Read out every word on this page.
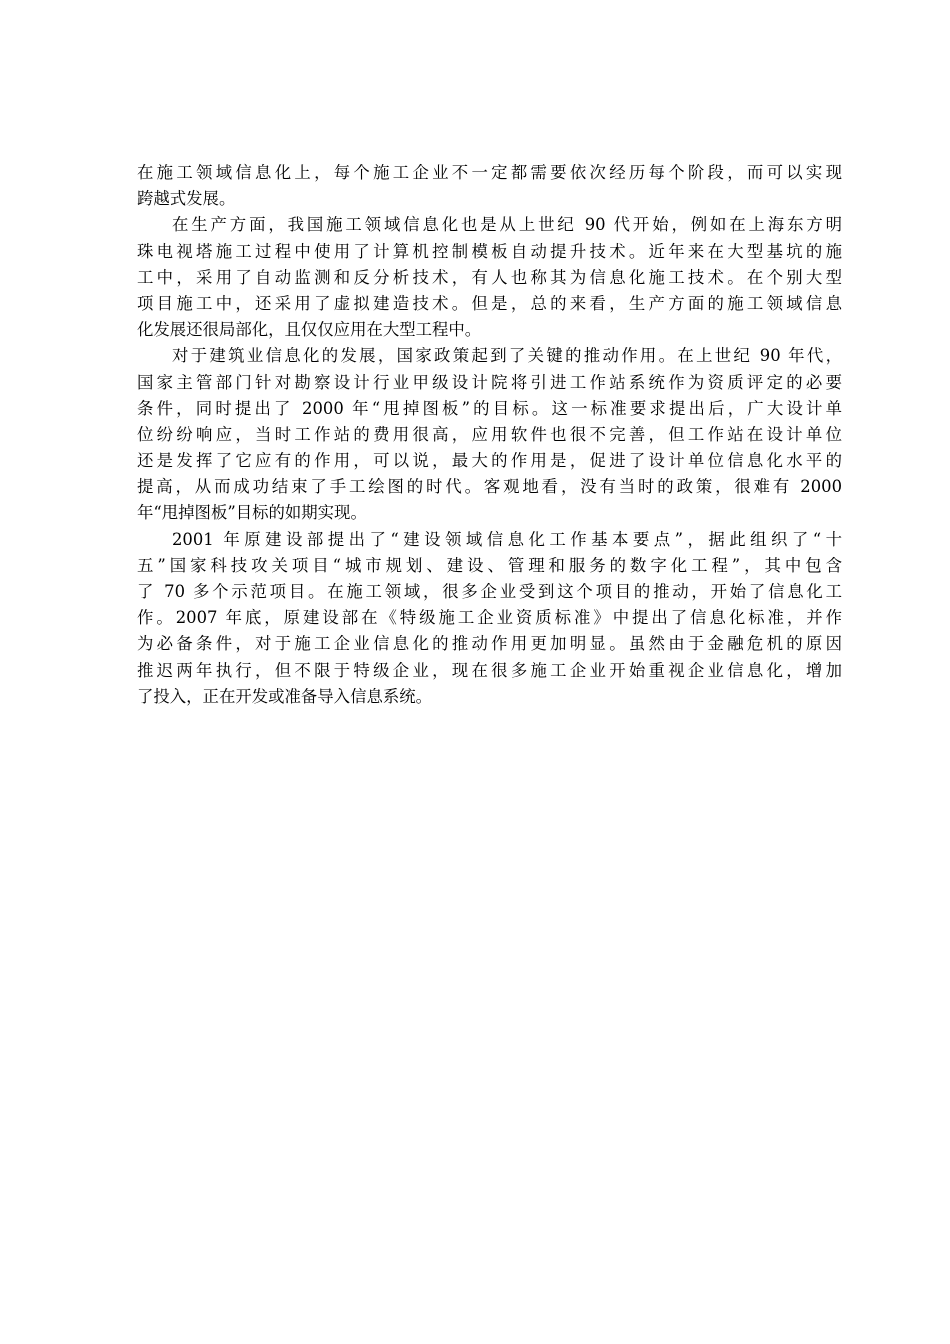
在施工领域信息化上，每个施工企业不一定都需要依次经历每个阶段，而可以实现
跨越式发展。
在生产方面，我国施工领域信息化也是从上世纪 90 代开始，例如在上海东方明
珠电视塔施工过程中使用了计算机控制模板自动提升技术。近年来在大型基坑的施
工中，采用了自动监测和反分析技术，有人也称其为信息化施工技术。在个别大型
项目施工中，还采用了虚拟建造技术。但是，总的来看，生产方面的施工领域信息
化发展还很局部化，且仅仅应用在大型工程中。
对于建筑业信息化的发展，国家政策起到了关键的推动作用。在上世纪 90 年代，
国家主管部门针对勘察设计行业甲级设计院将引进工作站系统作为资质评定的必要
条件，同时提出了 2000 年“甩掉图板”的目标。这一标准要求提出后，广大设计单
位纷纷响应，当时工作站的费用很高，应用软件也很不完善，但工作站在设计单位
还是发挥了它应有的作用，可以说，最大的作用是，促进了设计单位信息化水平的
提高，从而成功结束了手工绘图的时代。客观地看，没有当时的政策，很难有 2000
年“甩掉图板”目标的如期实现。
2001 年原建设部提出了“建设领域信息化工作基本要点”，据此组织了“十
五”国家科技攻关项目“城市规划、建设、管理和服务的数字化工程”，其中包含
了 70 多个示范项目。在施工领域，很多企业受到这个项目的推动，开始了信息化工
作。2007 年底，原建设部在《特级施工企业资质标准》中提出了信息化标准，并作
为必备条件，对于施工企业信息化的推动作用更加明显。虽然由于金融危机的原因
推迟两年执行，但不限于特级企业，现在很多施工企业开始重视企业信息化，增加
了投入，正在开发或准备导入信息系统。
